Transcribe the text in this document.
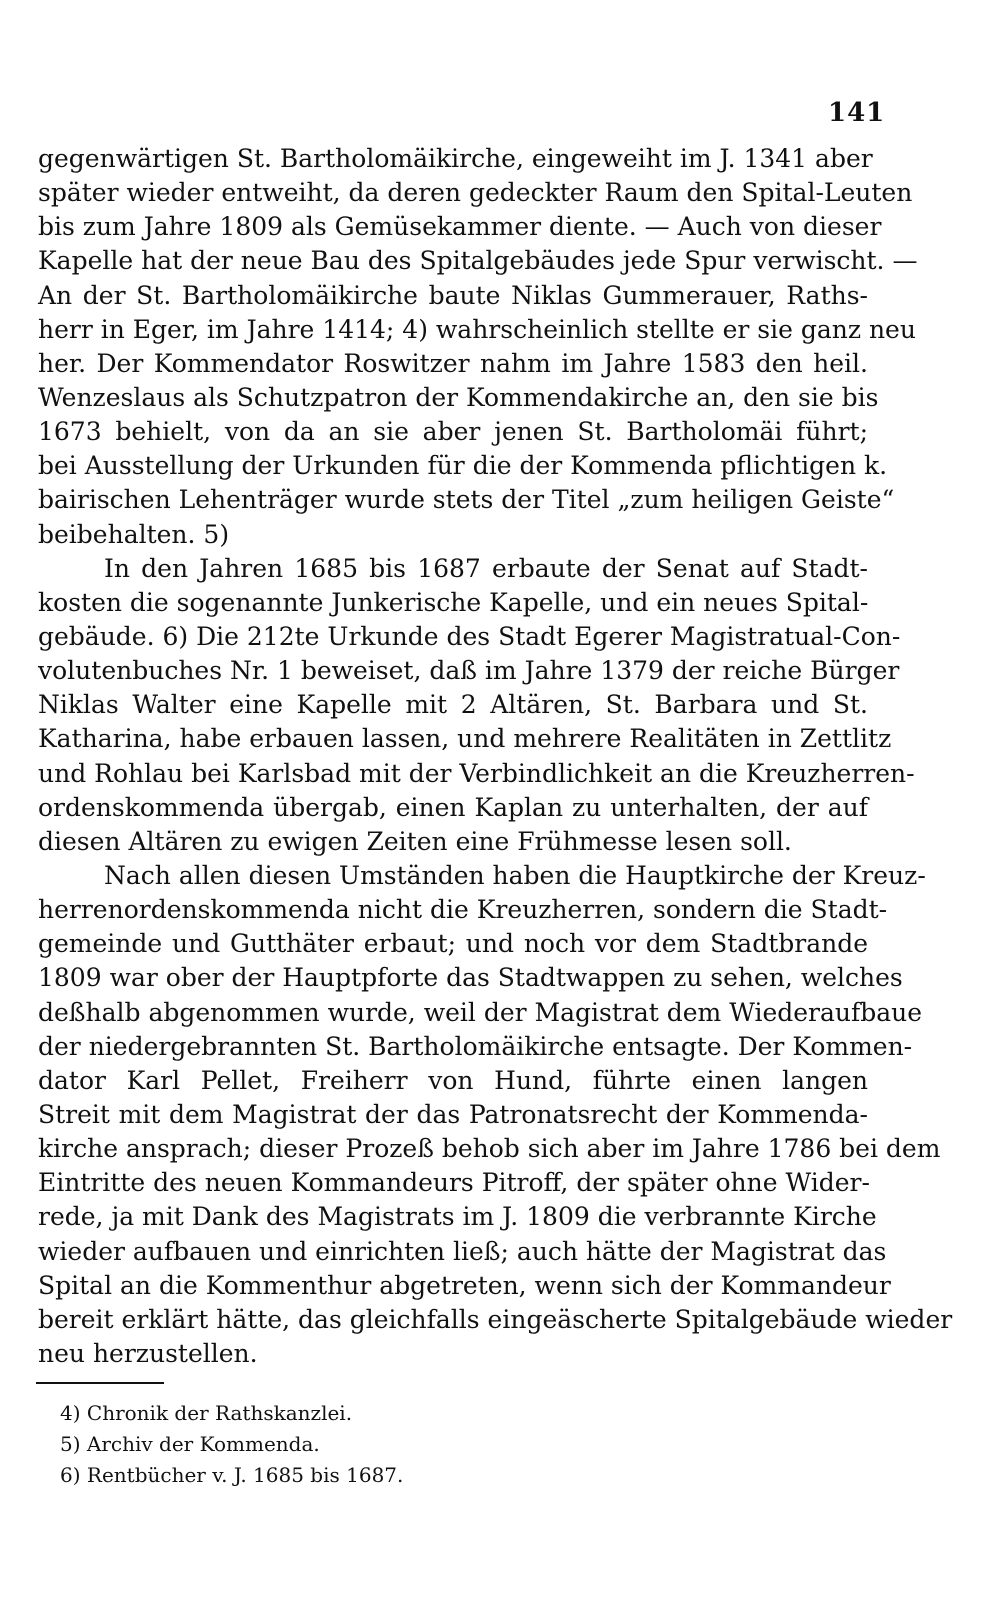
141
gegenwärtigen St. Bartholomäikirche, eingeweiht im J. 1341 aber
später wieder entweiht, da deren gedeckter Raum den Spital-Leuten
bis zum Jahre 1809 als Gemüsekammer diente. — Auch von dieser
Kapelle hat der neue Bau des Spitalgebäudes jede Spur verwischt. —
An der St. Bartholomäikirche baute Niklas Gummerauer, Raths-
herr in Eger, im Jahre 1414; 4) wahrscheinlich stellte er sie ganz neu
her. Der Kommendator Roswitzer nahm im Jahre 1583 den heil.
Wenzeslaus als Schutzpatron der Kommendakirche an, den sie bis
1673 behielt, von da an sie aber jenen St. Bartholomäi führt;
bei Ausstellung der Urkunden für die der Kommenda pflichtigen k.
bairischen Lehenträger wurde stets der Titel „zum heiligen Geiste“
beibehalten. 5)
In den Jahren 1685 bis 1687 erbaute der Senat auf Stadt-
kosten die sogenannte Junkerische Kapelle, und ein neues Spital-
gebäude. 6) Die 212te Urkunde des Stadt Egerer Magistratual-Con-
volutenbuches Nr. 1 beweiset, daß im Jahre 1379 der reiche Bürger
Niklas Walter eine Kapelle mit 2 Altären, St. Barbara und St.
Katharina, habe erbauen lassen, und mehrere Realitäten in Zettlitz
und Rohlau bei Karlsbad mit der Verbindlichkeit an die Kreuzherren-
ordenskommenda übergab, einen Kaplan zu unterhalten, der auf
diesen Altären zu ewigen Zeiten eine Frühmesse lesen soll.
Nach allen diesen Umständen haben die Hauptkirche der Kreuz-
herrenordenskommenda nicht die Kreuzherren, sondern die Stadt-
gemeinde und Gutthäter erbaut; und noch vor dem Stadtbrande
1809 war ober der Hauptpforte das Stadtwappen zu sehen, welches
deßhalb abgenommen wurde, weil der Magistrat dem Wiederaufbaue
der niedergebrannten St. Bartholomäikirche entsagte. Der Kommen-
dator Karl Pellet, Freiherr von Hund, führte einen langen
Streit mit dem Magistrat der das Patronatsrecht der Kommenda-
kirche ansprach; dieser Prozeß behob sich aber im Jahre 1786 bei dem
Eintritte des neuen Kommandeurs Pitroff, der später ohne Wider-
rede, ja mit Dank des Magistrats im J. 1809 die verbrannte Kirche
wieder aufbauen und einrichten ließ; auch hätte der Magistrat das
Spital an die Kommenthur abgetreten, wenn sich der Kommandeur
bereit erklärt hätte, das gleichfalls eingeäscherte Spitalgebäude wieder
neu herzustellen.
4) Chronik der Rathskanzlei.
5) Archiv der Kommenda.
6) Rentbücher v. J. 1685 bis 1687.
